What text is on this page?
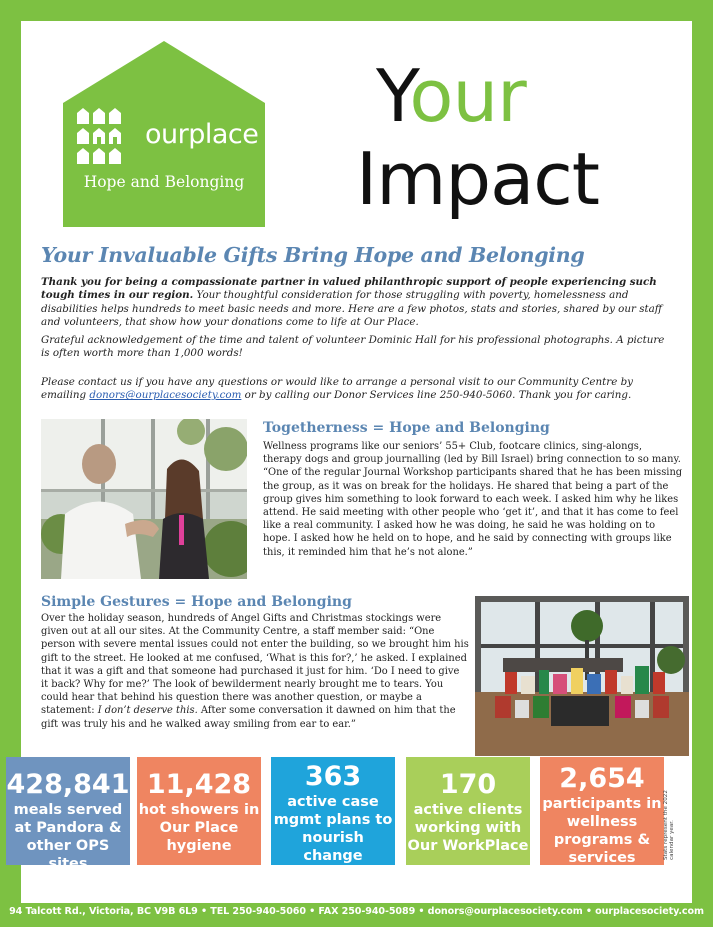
ourplace
Hope and Belonging
Your
Impact
Your Invaluable Gifts Bring Hope and Belonging
Thank you for being a compassionate partner in valued philanthropic support of people experiencing such tough times in our region. Your thoughtful consideration for those struggling with poverty, homelessness and disabilities helps hundreds to meet basic needs and more. Here are a few photos, stats and stories, shared by our staff and volunteers, that show how your donations come to life at Our Place.
Grateful acknowledgement of the time and talent of volunteer Dominic Hall for his professional photographs. A picture is often worth more than 1,000 words!
Please contact us if you have any questions or would like to arrange a personal visit to our Community Centre by emailing donors@ourplacesociety.com or by calling our Donor Services line 250-940-5060. Thank you for caring.
Togetherness = Hope and Belonging
Wellness programs like our seniors’ 55+ Club, footcare clinics, sing-alongs, therapy dogs and group journalling (led by Bill Israel) bring connection to so many. “One of the regular Journal Workshop participants shared that he has been missing the group, as it was on break for the holidays. He shared that being a part of the group gives him something to look forward to each week. I asked him why he likes attend. He said meeting with other people who ‘get it’, and that it has come to feel like a real community. I asked how he was doing, he said he was holding on to hope. I asked how he held on to hope, and he said by connecting with groups like this, it reminded him that he’s not alone.”
Simple Gestures = Hope and Belonging
Over the holiday season, hundreds of Angel Gifts and Christmas stockings were given out at all our sites. At the Community Centre, a staff member said: “One person with severe mental issues could not enter the building, so we brought him his gift to the street. He looked at me confused, ‘What is this for?,’ he asked. I explained that it was a gift and that someone had purchased it just for him. ‘Do I need to give it back? Why for me?’ The look of bewilderment nearly brought me to tears. You could hear that behind his question there was another question, or maybe a statement: I don’t deserve this. After some conversation it dawned on him that the gift was truly his and he walked away smiling from ear to ear.”
428,841
meals served at Pandora & other OPS sites
11,428
hot showers in Our Place hygiene
363
active case mgmt plans to nourish change
170
active clients working with Our WorkPlace
2,654
participants in wellness programs & services	Stats represent the 2022 calendar year.
94 Talcott Rd., Victoria, BC V9B 6L9 • TEL 250-940-5060 • FAX 250-940-5089 • donors@ourplacesociety.com • ourplacesociety.com
